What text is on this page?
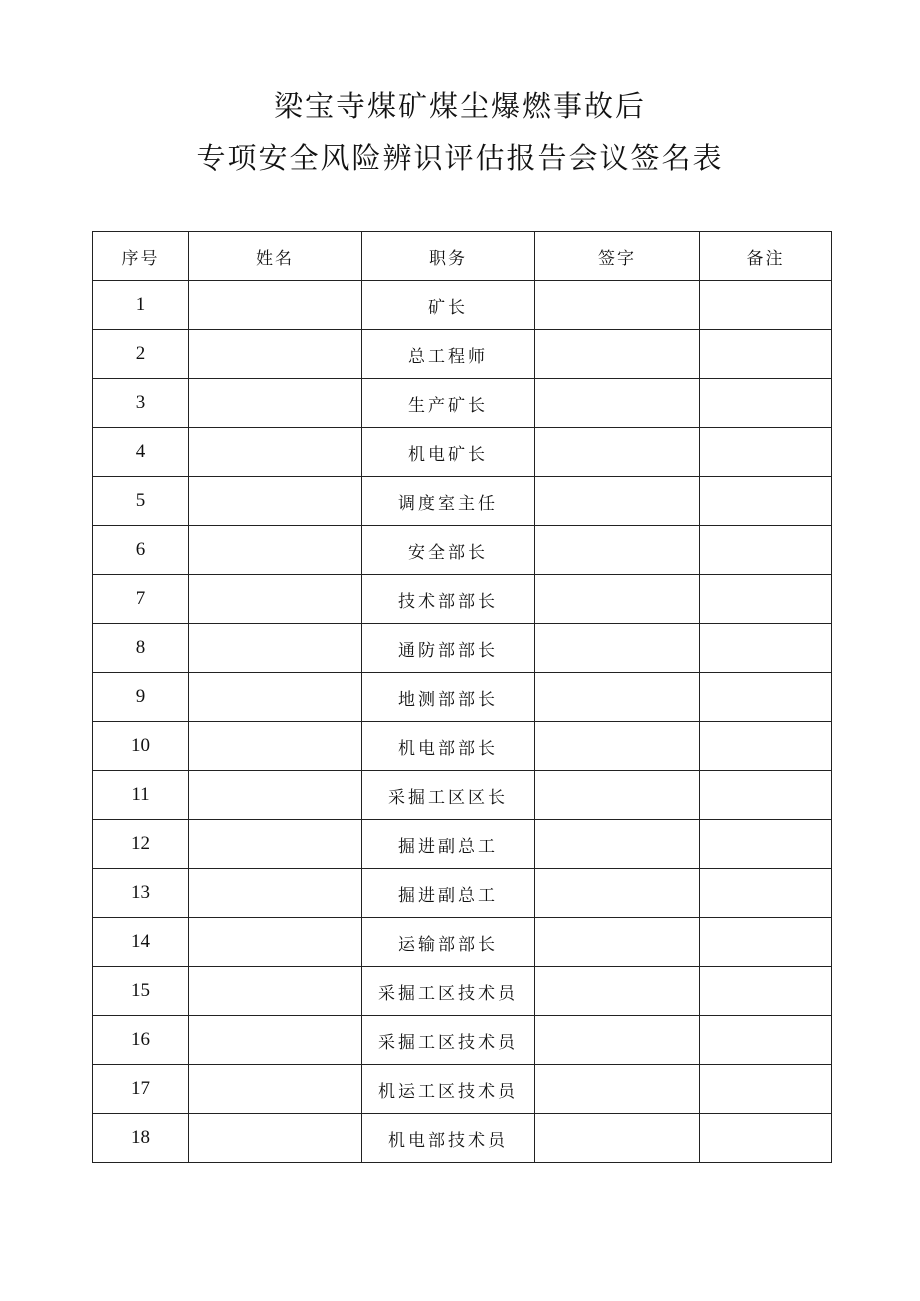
梁宝寺煤矿煤尘爆燃事故后
专项安全风险辨识评估报告会议签名表
序号	姓名	职务	签字	备注
1		矿长		
2		总工程师		
3		生产矿长		
4		机电矿长		
5		调度室主任		
6		安全部长		
7		技术部部长		
8		通防部部长		
9		地测部部长		
10		机电部部长		
11		采掘工区区长		
12		掘进副总工		
13		掘进副总工		
14		运输部部长		
15		采掘工区技术员		
16		采掘工区技术员		
17		机运工区技术员		
18		机电部技术员		
